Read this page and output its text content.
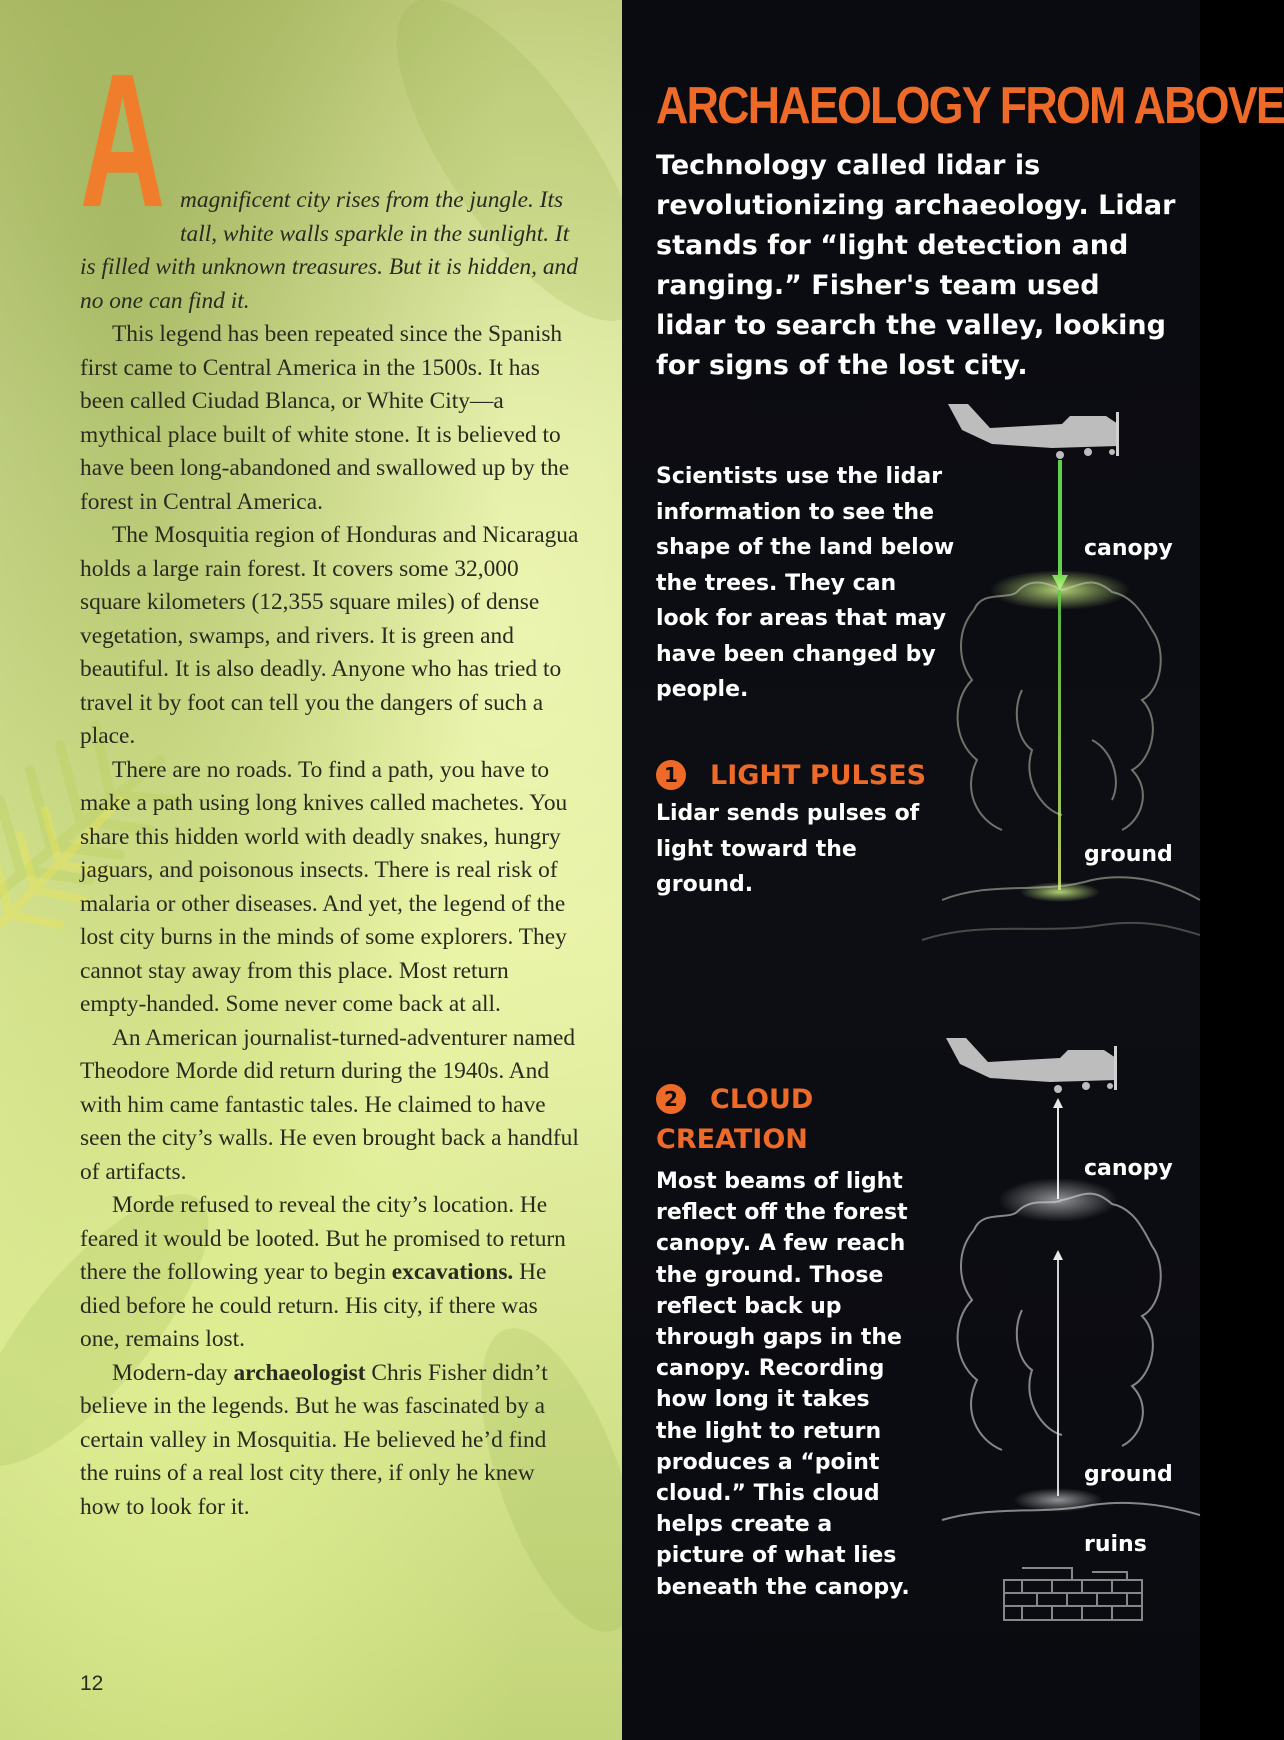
A magnificent city rises from the jungle. Its tall, white walls sparkle in the sunlight. It is filled with unknown treasures. But it is hidden, and no one can find it.

This legend has been repeated since the Spanish first came to Central America in the 1500s. It has been called Ciudad Blanca, or White City—a mythical place built of white stone. It is believed to have been long-abandoned and swallowed up by the forest in Central America.

The Mosquitia region of Honduras and Nicaragua holds a large rain forest. It covers some 32,000 square kilometers (12,355 square miles) of dense vegetation, swamps, and rivers. It is green and beautiful. It is also deadly. Anyone who has tried to travel it by foot can tell you the dangers of such a place.

There are no roads. To find a path, you have to make a path using long knives called machetes. You share this hidden world with deadly snakes, hungry jaguars, and poisonous insects. There is real risk of malaria or other diseases. And yet, the legend of the lost city burns in the minds of some explorers. They cannot stay away from this place. Most return empty-handed. Some never come back at all.

An American journalist-turned-adventurer named Theodore Morde did return during the 1940s. And with him came fantastic tales. He claimed to have seen the city’s walls. He even brought back a handful of artifacts.

Morde refused to reveal the city’s location. He feared it would be looted. But he promised to return there the following year to begin excavations. He died before he could return. His city, if there was one, remains lost.

Modern-day archaeologist Chris Fisher didn’t believe in the legends. But he was fascinated by a certain valley in Mosquitia. He believed he’d find the ruins of a real lost city there, if only he knew how to look for it.

12
ARCHAEOLOGY FROM ABOVE

Technology called lidar is revolutionizing archaeology. Lidar stands for “light detection and ranging.” Fisher's team used lidar to search the valley, looking for signs of the lost city.

Scientists use the lidar information to see the shape of the land below the trees. They can look for areas that may have been changed by people.

1 LIGHT PULSES

Lidar sends pulses of light toward the ground.

2 CLOUD
CREATION

Most beams of light reflect off the forest canopy. A few reach the ground. Those reflect back up through gaps in the canopy. Recording how long it takes the light to return produces a “point cloud.” This cloud helps create a picture of what lies beneath the canopy.

canopy
ground
canopy
ground
ruins
